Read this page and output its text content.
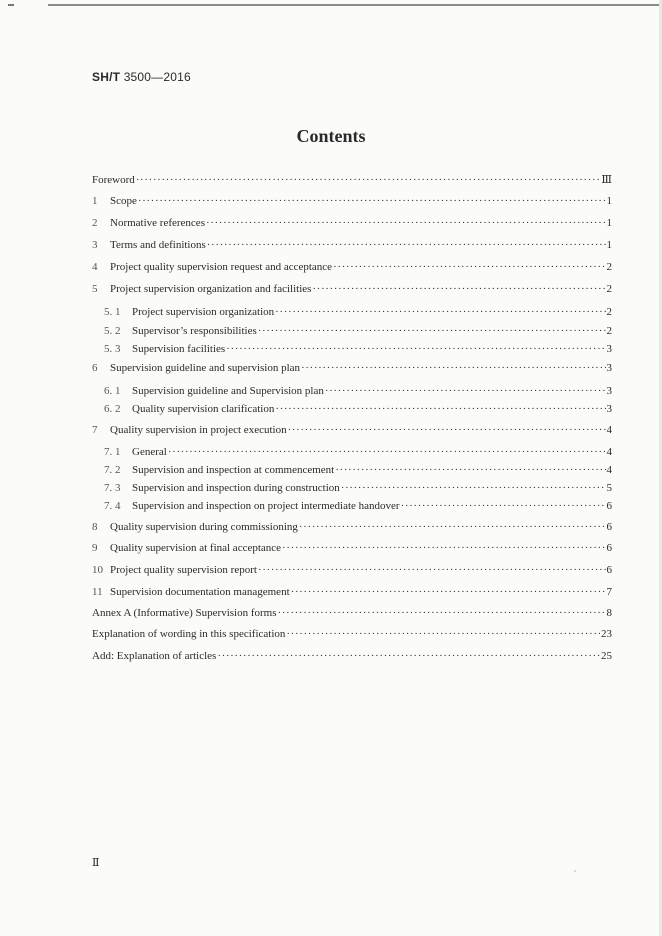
SH/T 3500—2016
Contents
Foreword ·····	Ⅲ
1	Scope ·····	1
2	Normative references ·····	1
3	Terms and definitions ·····	1
4	Project quality supervision request and acceptance ·····	2
5	Project supervision organization and facilities ·····	2
5. 1	Project supervision organization ·····	2
5. 2	Supervisor’s responsibilities ·····	2
5. 3	Supervision facilities ·····	3
6	Supervision guideline and supervision plan ·····	3
6. 1	Supervision guideline and Supervision plan ·····	3
6. 2	Quality supervision clarification ·····	3
7	Quality supervision in project execution ·····	4
7. 1	General ·····	4
7. 2	Supervision and inspection at commencement ·····	4
7. 3	Supervision and inspection during construction ·····	5
7. 4	Supervision and inspection on project intermediate handover ·····	6
8	Quality supervision during commissioning ·····	6
9	Quality supervision at final acceptance ·····	6
10 Project quality supervision report ·····	6
11 Supervision documentation management ·····	7
Annex A (Informative) Supervision forms ·····	8
Explanation of wording in this specification ·····	23
Add: Explanation of articles ·····	25
Ⅱ
